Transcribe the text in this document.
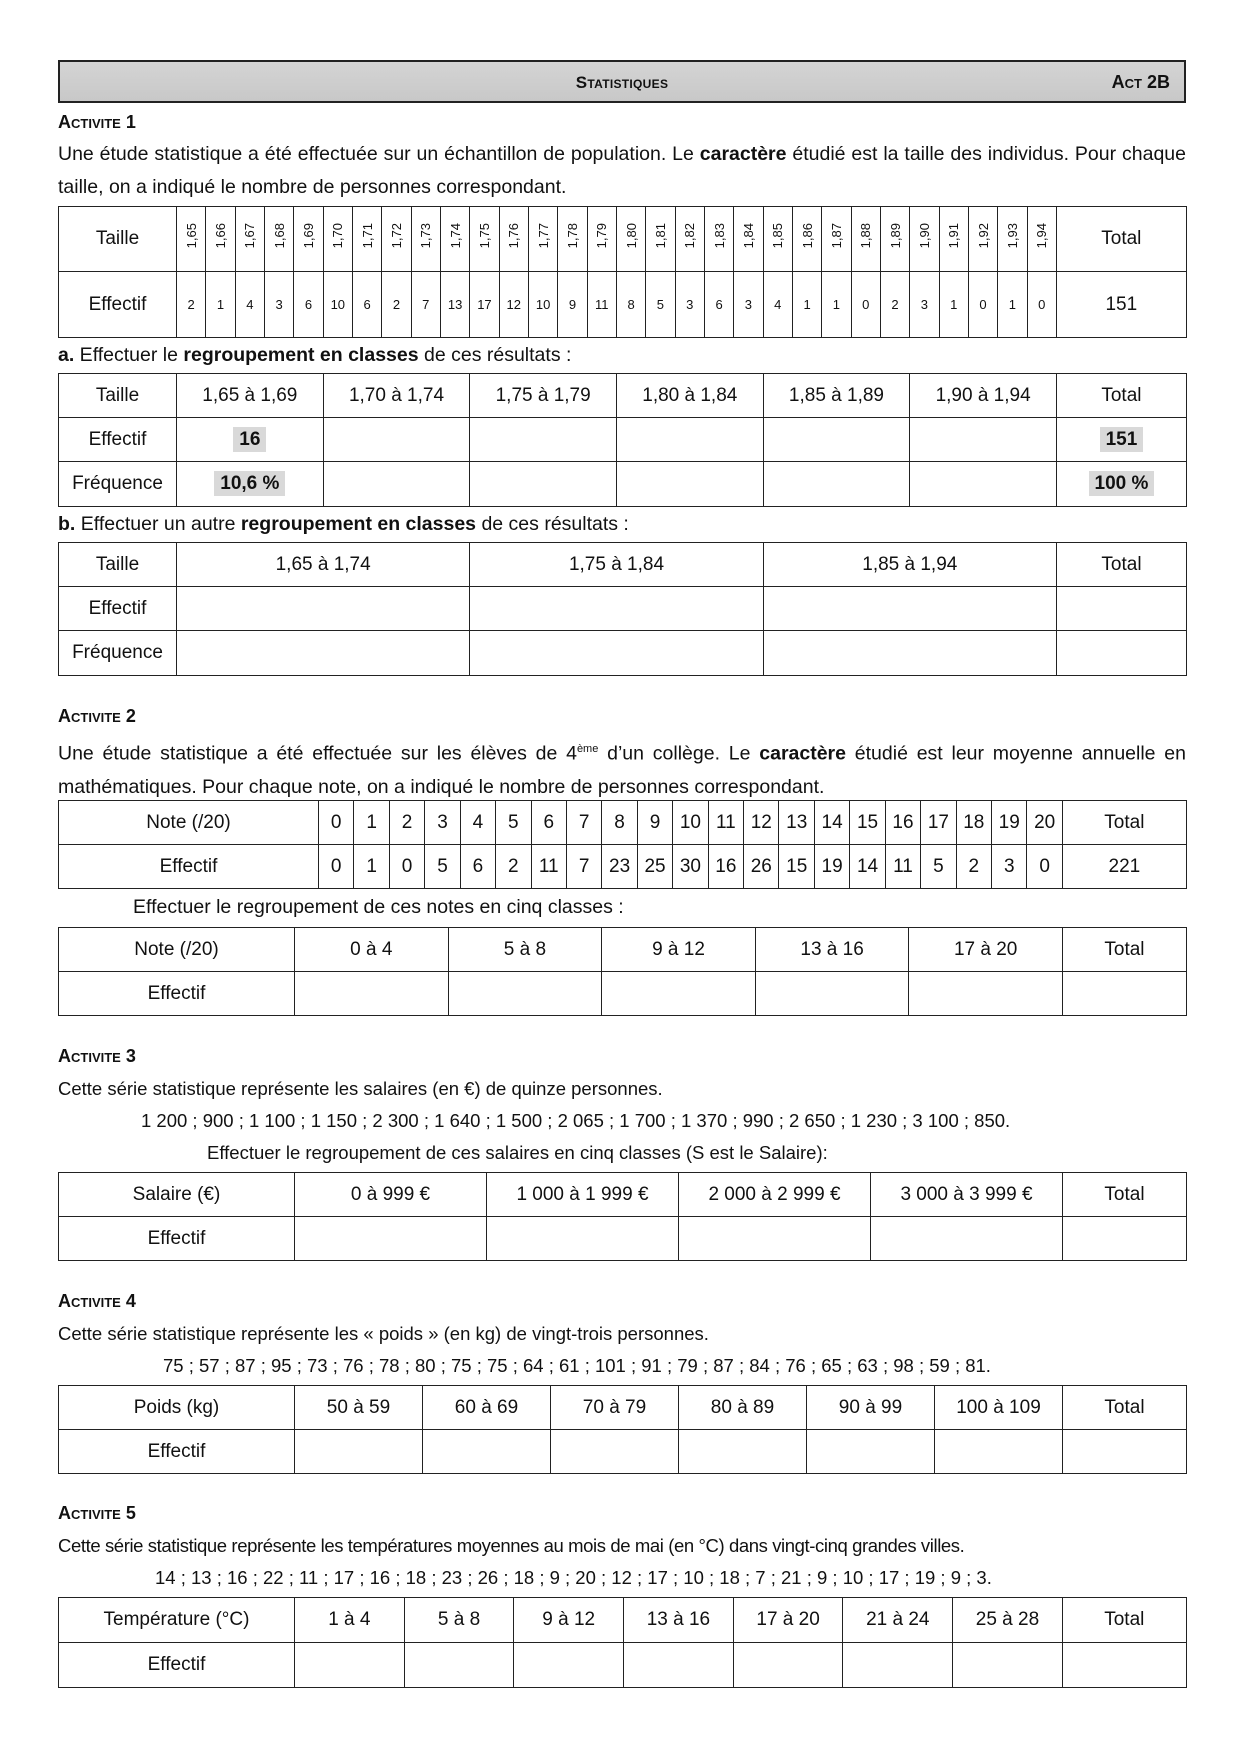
Statistiques	Act 2B
Activite 1
Une étude statistique a été effectuée sur un échantillon de population. Le caractère étudié est la taille des individus. Pour chaque taille, on a indiqué le nombre de personnes correspondant.
Taille	1,65	1,66	1,67	1,68	1,69	1,70	1,71	1,72	1,73	1,74	1,75	1,76	1,77	1,78	1,79	1,80	1,81	1,82	1,83	1,84	1,85	1,86	1,87	1,88	1,89	1,90	1,91	1,92	1,93	1,94	Total
Effectif	2	1	4	3	6	10	6	2	7	13	17	12	10	9	11	8	5	3	6	3	4	1	1	0	2	3	1	0	1	0	151
a. Effectuer le regroupement en classes de ces résultats :
Taille	1,65 à 1,69	1,70 à 1,74	1,75 à 1,79	1,80 à 1,84	1,85 à 1,89	1,90 à 1,94	Total
Effectif	16						151
Fréquence	10,6 %						100 %
b. Effectuer un autre regroupement en classes de ces résultats :
Taille	1,65 à 1,74	1,75 à 1,84	1,85 à 1,94	Total
Effectif				
Fréquence				
Activite 2
Une étude statistique a été effectuée sur les élèves de 4ème d’un collège. Le caractère étudié est leur moyenne annuelle en mathématiques. Pour chaque note, on a indiqué le nombre de personnes correspondant.
Note (/20)	0	1	2	3	4	5	6	7	8	9	10	11	12	13	14	15	16	17	18	19	20	Total
Effectif	0	1	0	5	6	2	11	7	23	25	30	16	26	15	19	14	11	5	2	3	0	221
Effectuer le regroupement de ces notes en cinq classes :
Note (/20)	0 à 4	5 à 8	9 à 12	13 à 16	17 à 20	Total
Effectif						
Activite 3
Cette série statistique représente les salaires (en €) de quinze personnes.
1 200 ; 900 ; 1 100 ; 1 150 ; 2 300 ; 1 640 ; 1 500 ; 2 065 ; 1 700 ; 1 370 ; 990 ; 2 650 ; 1 230 ; 3 100 ; 850.
Effectuer le regroupement de ces salaires en cinq classes (S est le Salaire):
Salaire (€)	0 à 999 €	1 000 à 1 999 €	2 000 à 2 999 €	3 000 à 3 999 €	Total
Effectif					
Activite 4
Cette série statistique représente les « poids » (en kg) de vingt-trois personnes.
75 ; 57 ; 87 ; 95 ; 73 ; 76 ; 78 ; 80 ; 75 ; 75 ; 64 ; 61 ; 101 ; 91 ; 79 ; 87 ; 84 ; 76 ; 65 ; 63 ; 98 ; 59 ; 81.
Poids (kg)	50 à 59	60 à 69	70 à 79	80 à 89	90 à 99	100 à 109	Total
Effectif							
Activite 5
Cette série statistique représente les températures moyennes au mois de mai (en °C) dans vingt-cinq grandes villes.
14 ; 13 ; 16 ; 22 ; 11 ; 17 ; 16 ; 18 ; 23 ; 26 ; 18 ; 9 ; 20 ; 12 ; 17 ; 10 ; 18 ; 7 ; 21 ; 9 ; 10 ; 17 ; 19 ; 9 ; 3.
Température (°C)	1 à 4	5 à 8	9 à 12	13 à 16	17 à 20	21 à 24	25 à 28	Total
Effectif								
